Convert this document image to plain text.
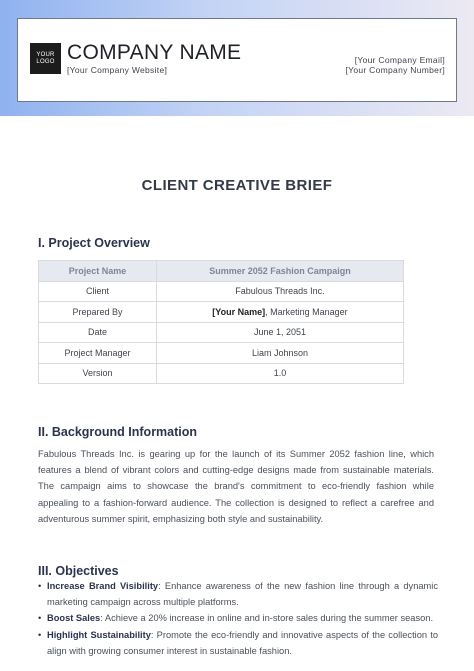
YOUR
LOGO COMPANY NAME
[Your Company Website]
[Your Company Email]
[Your Company Number]
CLIENT CREATIVE BRIEF
I. Project Overview
Project Name	Summer 2052 Fashion Campaign
Client	Fabulous Threads Inc.
Prepared By	[Your Name], Marketing Manager
Date	June 1, 2051
Project Manager	Liam Johnson
Version	1.0
II. Background Information

Fabulous Threads Inc. is gearing up for the launch of its Summer 2052 fashion line, which features a blend of vibrant colors and cutting-edge designs made from sustainable materials. The campaign aims to showcase the brand's commitment to eco-friendly fashion while appealing to a fashion-forward audience. The collection is designed to reflect a carefree and adventurous summer spirit, emphasizing both style and sustainability.

III. Objectives
• Increase Brand Visibility: Enhance awareness of the new fashion line through a dynamic marketing campaign across multiple platforms.
• Boost Sales: Achieve a 20% increase in online and in-store sales during the summer season.
• Highlight Sustainability: Promote the eco-friendly and innovative aspects of the collection to align with growing consumer interest in sustainable fashion.
